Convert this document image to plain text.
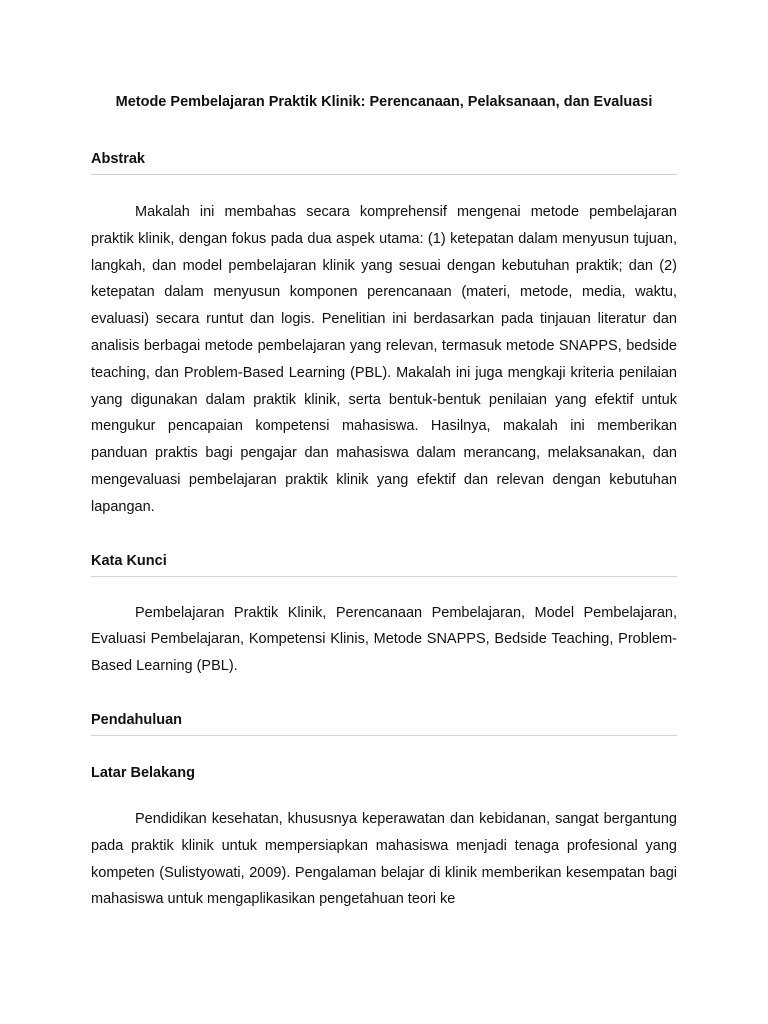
Metode Pembelajaran Praktik Klinik: Perencanaan, Pelaksanaan, dan Evaluasi
Abstrak

Makalah ini membahas secara komprehensif mengenai metode pembelajaran praktik klinik, dengan fokus pada dua aspek utama: (1) ketepatan dalam menyusun tujuan, langkah, dan model pembelajaran klinik yang sesuai dengan kebutuhan praktik; dan (2) ketepatan dalam menyusun komponen perencanaan (materi, metode, media, waktu, evaluasi) secara runtut dan logis. Penelitian ini berdasarkan pada tinjauan literatur dan analisis berbagai metode pembelajaran yang relevan, termasuk metode SNAPPS, bedside teaching, dan Problem-Based Learning (PBL). Makalah ini juga mengkaji kriteria penilaian yang digunakan dalam praktik klinik, serta bentuk-bentuk penilaian yang efektif untuk mengukur pencapaian kompetensi mahasiswa. Hasilnya, makalah ini memberikan panduan praktis bagi pengajar dan mahasiswa dalam merancang, melaksanakan, dan mengevaluasi pembelajaran praktik klinik yang efektif dan relevan dengan kebutuhan lapangan.

Kata Kunci

Pembelajaran Praktik Klinik, Perencanaan Pembelajaran, Model Pembelajaran, Evaluasi Pembelajaran, Kompetensi Klinis, Metode SNAPPS, Bedside Teaching, Problem-Based Learning (PBL).

Pendahuluan
Latar Belakang

Pendidikan kesehatan, khususnya keperawatan dan kebidanan, sangat bergantung pada praktik klinik untuk mempersiapkan mahasiswa menjadi tenaga profesional yang kompeten (Sulistyowati, 2009). Pengalaman belajar di klinik memberikan kesempatan bagi mahasiswa untuk mengaplikasikan pengetahuan teori ke
